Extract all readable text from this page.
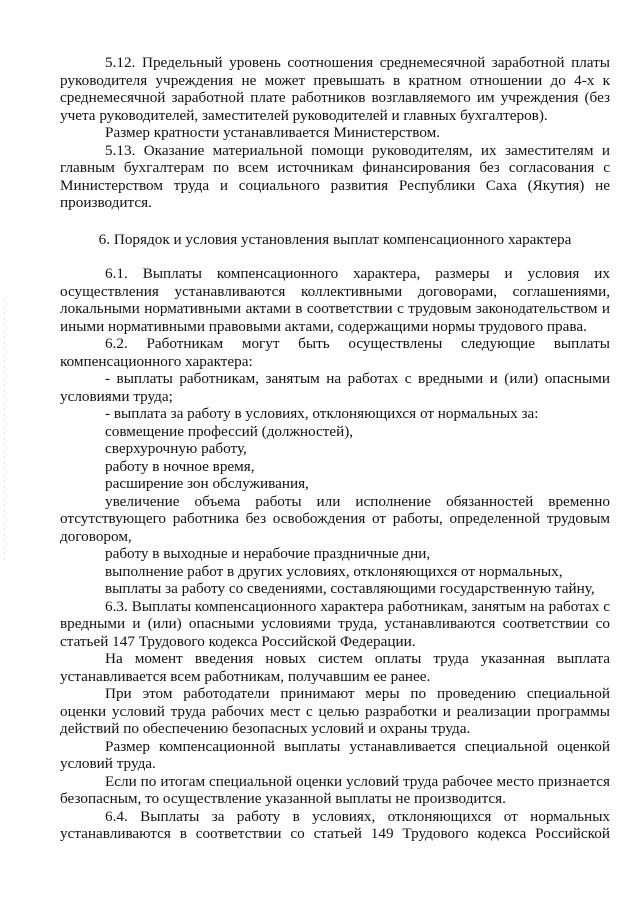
5.12. Предельный уровень соотношения среднемесячной заработной платы руководителя учреждения не может превышать в кратном отношении до 4-х к среднемесячной заработной плате работников возглавляемого им учреждения (без учета руководителей, заместителей руководителей и главных бухгалтеров).

Размер кратности устанавливается Министерством.

5.13. Оказание материальной помощи руководителям, их заместителям и главным бухгалтерам по всем источникам финансирования без согласования с Министерством труда и социального развития Республики Саха (Якутия) не производится.

6. Порядок и условия установления выплат компенсационного характера

6.1. Выплаты компенсационного характера, размеры и условия их осуществления устанавливаются коллективными договорами, соглашениями, локальными нормативными актами в соответствии с трудовым законодательством и иными нормативными правовыми актами, содержащими нормы трудового права.

6.2. Работникам могут быть осуществлены следующие выплаты компенсационного характера:

- выплаты работникам, занятым на работах с вредными и (или) опасными условиями труда;

- выплата за работу в условиях, отклоняющихся от нормальных за:

совмещение профессий (должностей),

сверхурочную работу,

работу в ночное время,

расширение зон обслуживания,

увеличение объема работы или исполнение обязанностей временно отсутствующего работника без освобождения от работы, определенной трудовым договором,

работу в выходные и нерабочие праздничные дни,

выполнение работ в других условиях, отклоняющихся от нормальных,

выплаты за работу со сведениями, составляющими государственную тайну,

6.3. Выплаты компенсационного характера работникам, занятым на работах с вредными и (или) опасными условиями труда, устанавливаются соответствии со статьей 147 Трудового кодекса Российской Федерации.

На момент введения новых систем оплаты труда указанная выплата устанавливается всем работникам, получавшим ее ранее.

При этом работодатели принимают меры по проведению специальной оценки условий труда рабочих мест с целью разработки и реализации программы действий по обеспечению безопасных условий и охраны труда.

Размер компенсационной выплаты устанавливается специальной оценкой условий труда.

Если по итогам специальной оценки условий труда рабочее место признается безопасным, то осуществление указанной выплаты не производится.

6.4. Выплаты за работу в условиях, отклоняющихся от нормальных устанавливаются в соответствии со статьей 149 Трудового кодекса Российской
